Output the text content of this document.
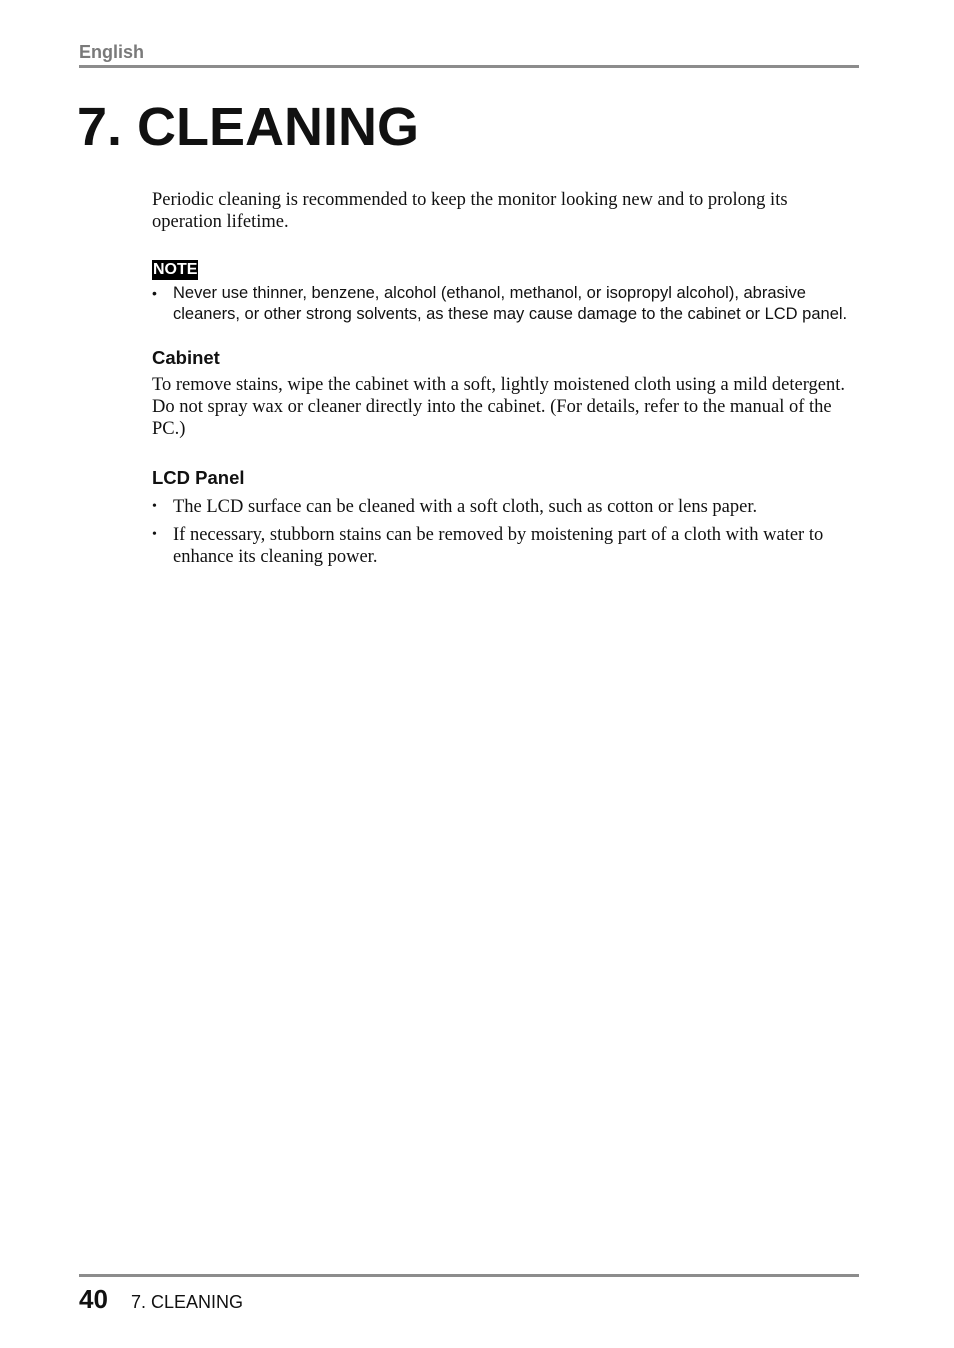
English
7. CLEANING

Periodic cleaning is recommended to keep the monitor looking new and to prolong its operation lifetime.

NOTE
• Never use thinner, benzene, alcohol (ethanol, methanol, or isopropyl alcohol), abrasive cleaners, or other strong solvents, as these may cause damage to the cabinet or LCD panel.
Cabinet

To remove stains, wipe the cabinet with a soft, lightly moistened cloth using a mild detergent. Do not spray wax or cleaner directly into the cabinet. (For details, refer to the manual of the PC.)

LCD Panel
• The LCD surface can be cleaned with a soft cloth, such as cotton or lens paper.
• If necessary, stubborn stains can be removed by moistening part of a cloth with water to enhance its cleaning power.
40 7. CLEANING
